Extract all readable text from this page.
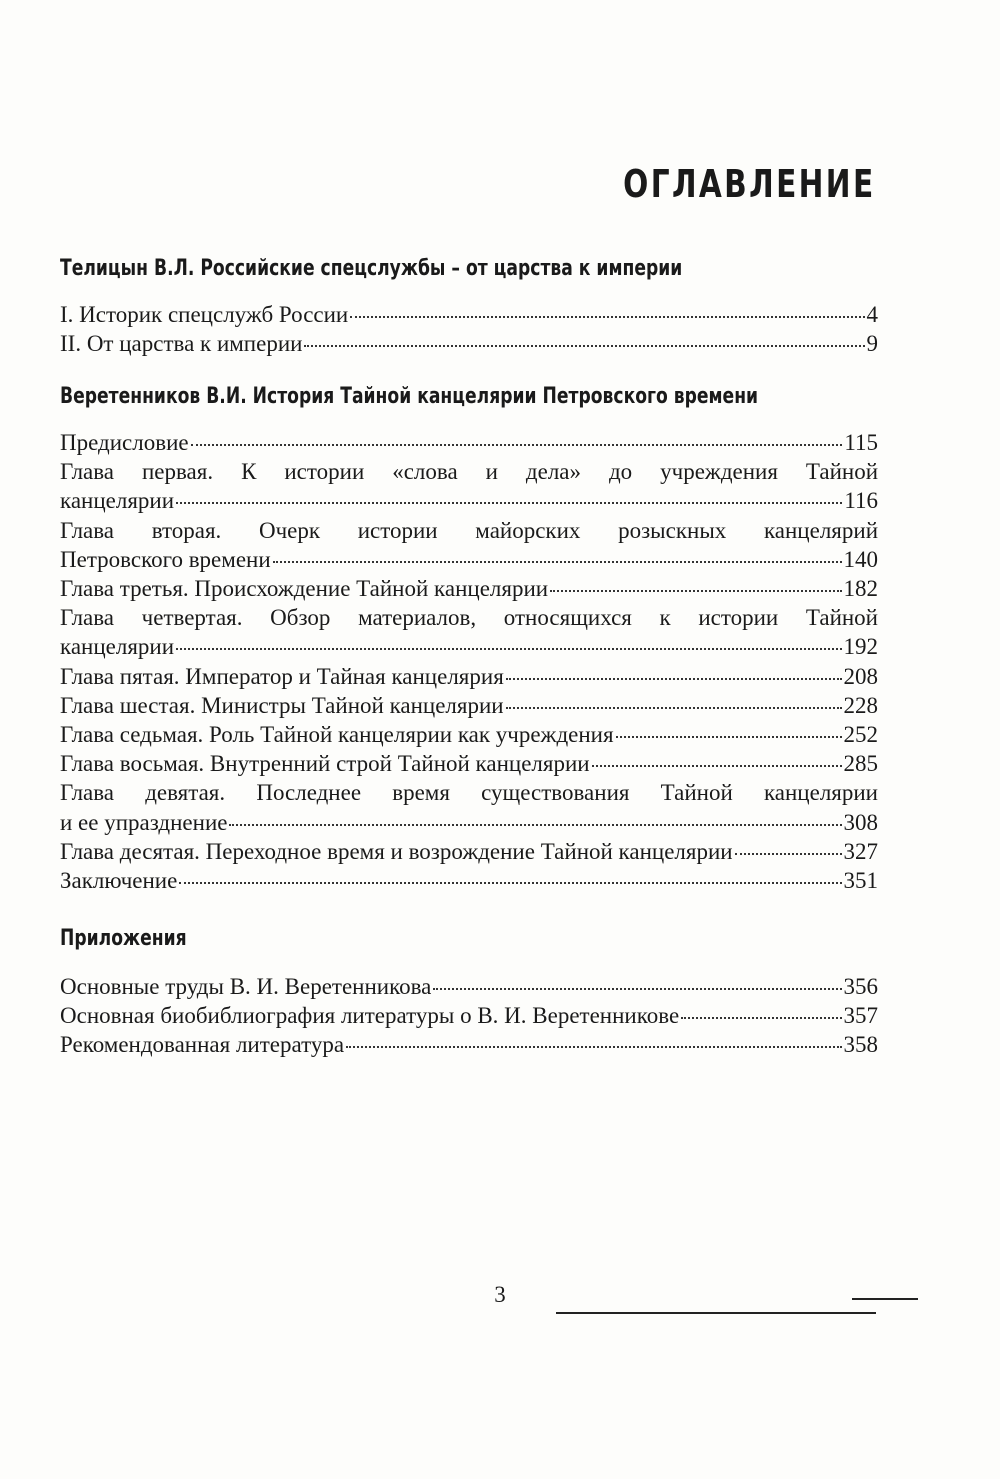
ОГЛАВЛЕНИЕ
Телицын В.Л. Российские спецслужбы – от царства к империи
I. Историк спецслужб России	4
II. От царства к империи	9
Веретенников В.И. История Тайной канцелярии Петровского времени
Предисловие	115
Глава первая. К истории «слова и дела» до учреждения Тайной
канцелярии	116
Глава вторая. Очерк истории майорских розыскных канцелярий
Петровского времени	140
Глава третья. Происхождение Тайной канцелярии	182
Глава четвертая. Обзор материалов, относящихся к истории Тайной
канцелярии	192
Глава пятая. Император и Тайная канцелярия	208
Глава шестая. Министры Тайной канцелярии	228
Глава седьмая. Роль Тайной канцелярии как учреждения	252
Глава восьмая. Внутренний строй Тайной канцелярии	285
Глава девятая. Последнее время существования Тайной канцелярии
и ее упразднение	308
Глава десятая. Переходное время и возрождение Тайной канцелярии	327
Заключение	351
Приложения
Основные труды В. И. Веретенникова	356
Основная биобиблиография литературы о В. И. Веретенникове	357
Рекомендованная литература	358
3
